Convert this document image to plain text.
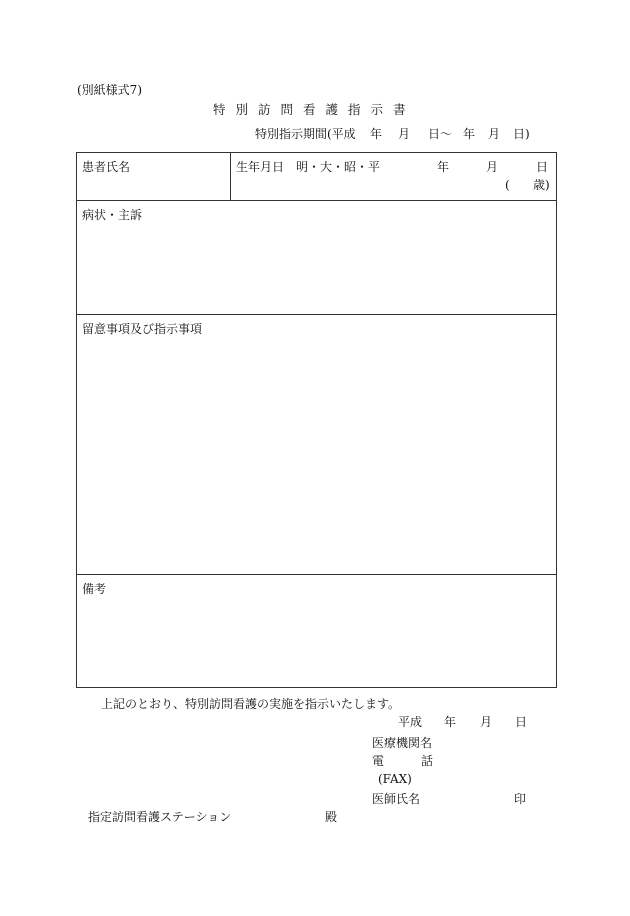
(別紙様式7)
特別訪問看護指示書
特別指示期間(平成 年 月 日〜 年 月 日)
患者氏名	生年月日 明・大・昭・平	年	月	日
( 歳)
病状・主訴
留意事項及び指示事項
備考
上記のとおり、特別訪問看護の実施を指示いたします。
平成 年 月 日
医療機関名
電	話
(FAX)
医師氏名	印
指定訪問看護ステーション	殿
